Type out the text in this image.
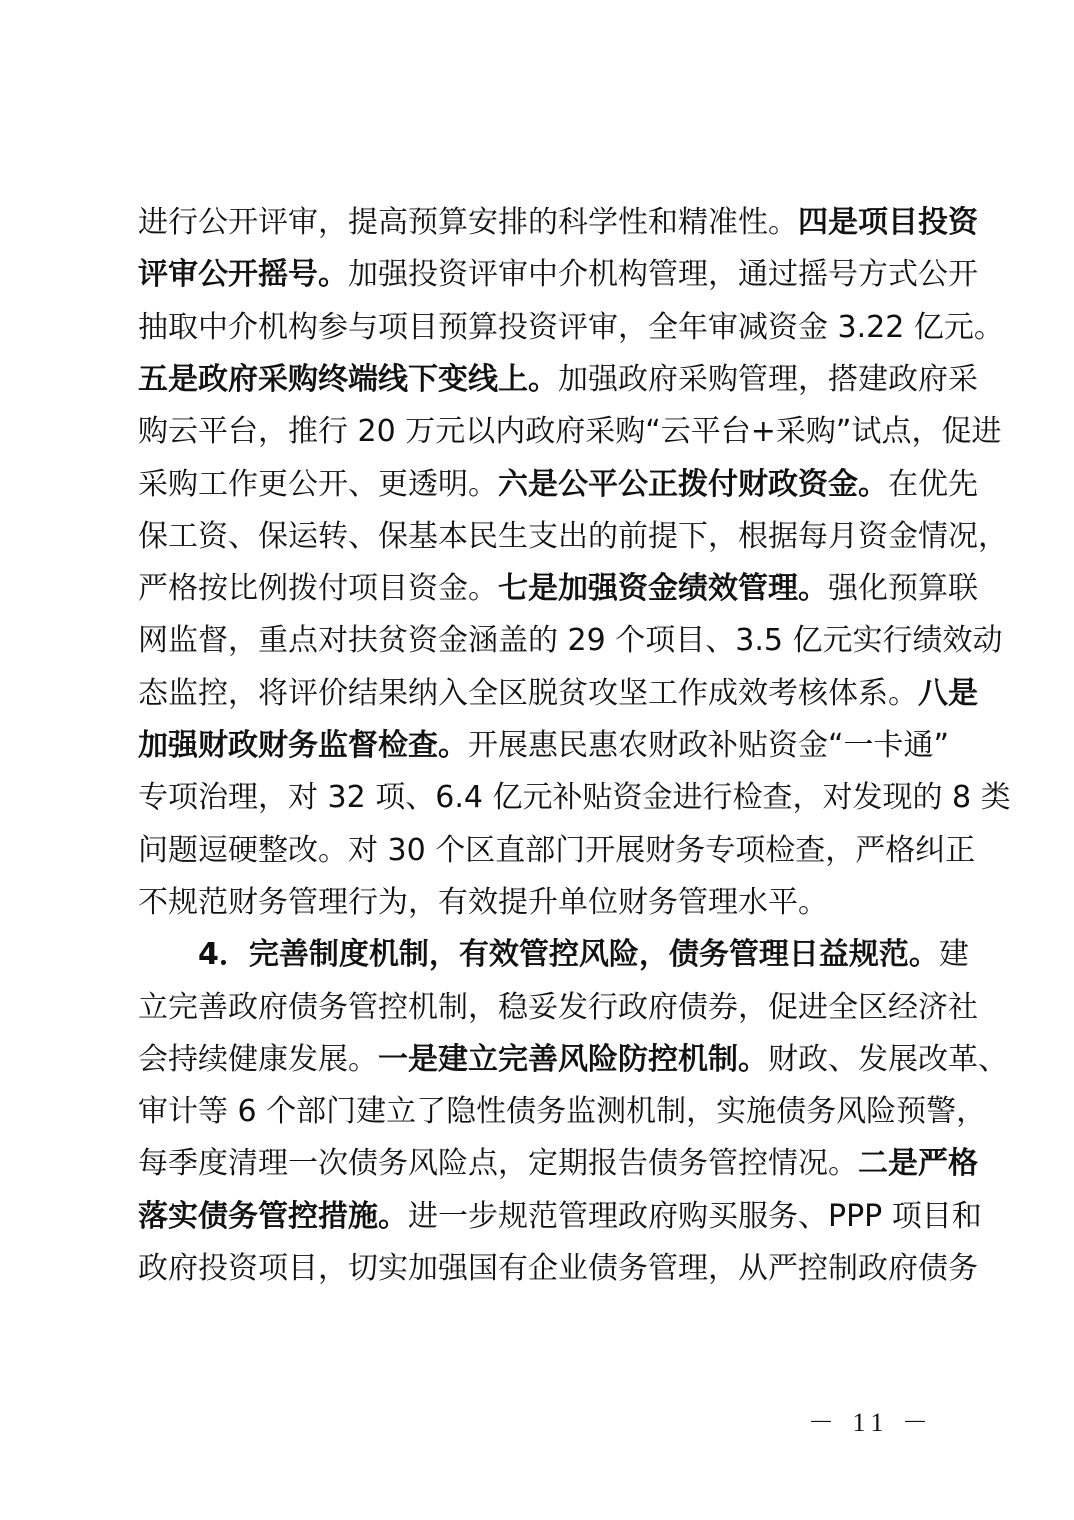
进行公开评审，提高预算安排的科学性和精准性。四是项目投资
评审公开摇号。加强投资评审中介机构管理，通过摇号方式公开
抽取中介机构参与项目预算投资评审，全年审减资金 3.22 亿元。
五是政府采购终端线下变线上。加强政府采购管理，搭建政府采
购云平台，推行 20 万元以内政府采购“云平台+采购”试点，促进
采购工作更公开、更透明。六是公平公正拨付财政资金。在优先
保工资、保运转、保基本民生支出的前提下，根据每月资金情况，
严格按比例拨付项目资金。七是加强资金绩效管理。强化预算联
网监督，重点对扶贫资金涵盖的 29 个项目、3.5 亿元实行绩效动
态监控，将评价结果纳入全区脱贫攻坚工作成效考核体系。八是
加强财政财务监督检查。开展惠民惠农财政补贴资金“一卡通”
专项治理，对 32 项、6.4 亿元补贴资金进行检查，对发现的 8 类
问题逗硬整改。对 30 个区直部门开展财务专项检查，严格纠正
不规范财务管理行为，有效提升单位财务管理水平。
4．完善制度机制，有效管控风险，债务管理日益规范。建
立完善政府债务管控机制，稳妥发行政府债券，促进全区经济社
会持续健康发展。一是建立完善风险防控机制。财政、发展改革、
审计等 6 个部门建立了隐性债务监测机制，实施债务风险预警，
每季度清理一次债务风险点，定期报告债务管控情况。二是严格
落实债务管控措施。进一步规范管理政府购买服务、PPP 项目和
政府投资项目，切实加强国有企业债务管理，从严控制政府债务
－ 11 －
